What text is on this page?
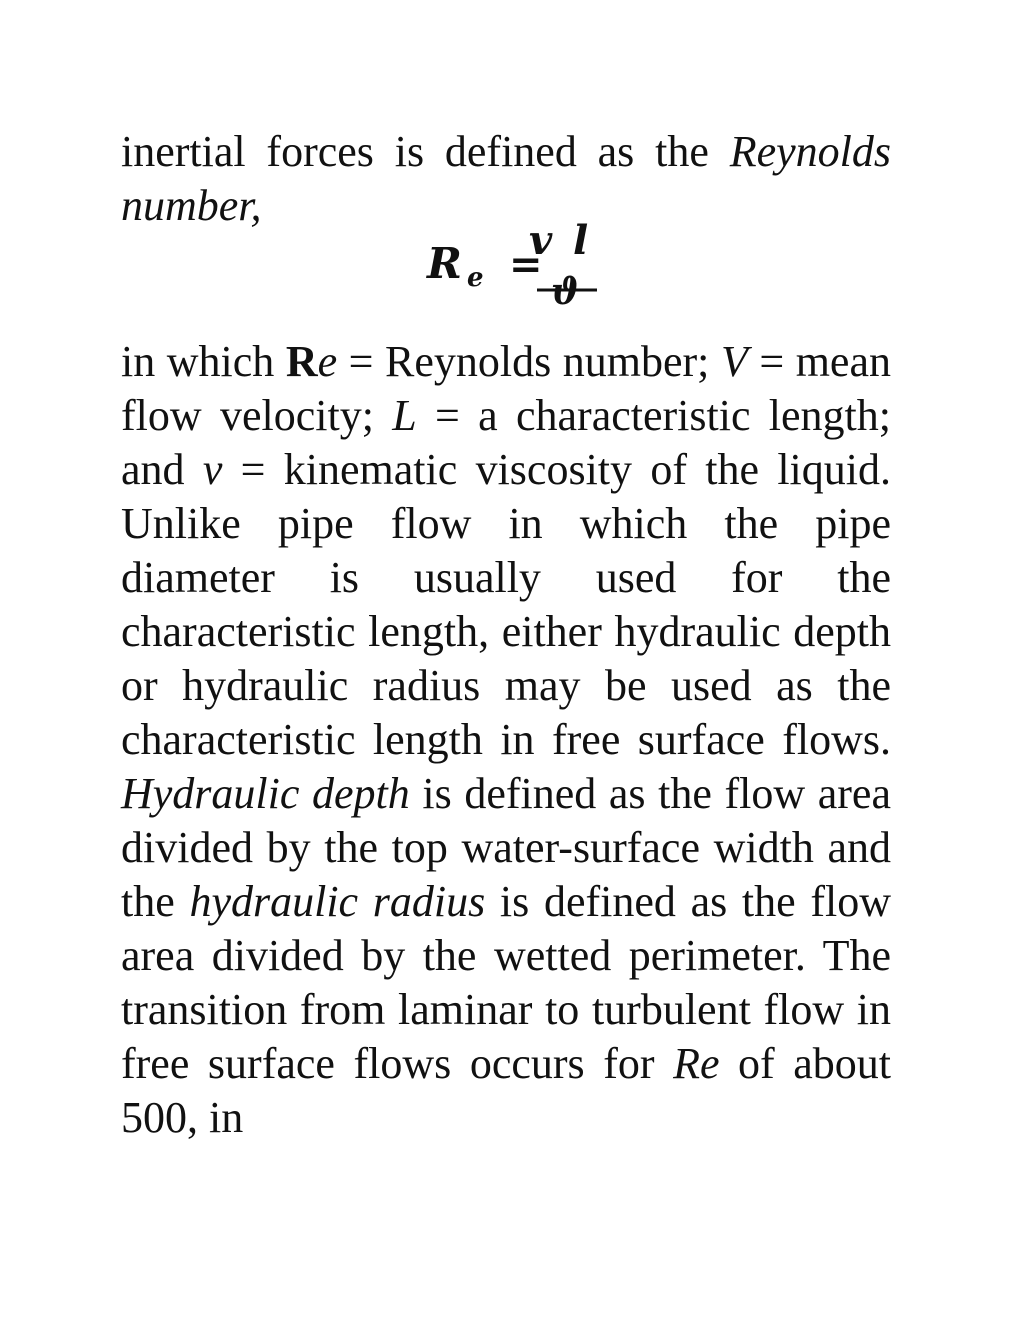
inertial forces is defined as the Reynolds number,

R e =
v l
ϑ

in which Re = Reynolds number; V = mean flow velocity; L = a characteristic length; and v = kinematic viscosity of the liquid. Unlike pipe flow in which the pipe diameter is usually used for the characteristic length, either hydraulic depth or hydraulic radius may be used as the characteristic length in free surface flows. Hydraulic depth is defined as the flow area divided by the top water-surface width and the hydraulic radius is defined as the flow area divided by the wetted perimeter. The transition from laminar to turbulent flow in free surface flows occurs for Re of about 500, in
